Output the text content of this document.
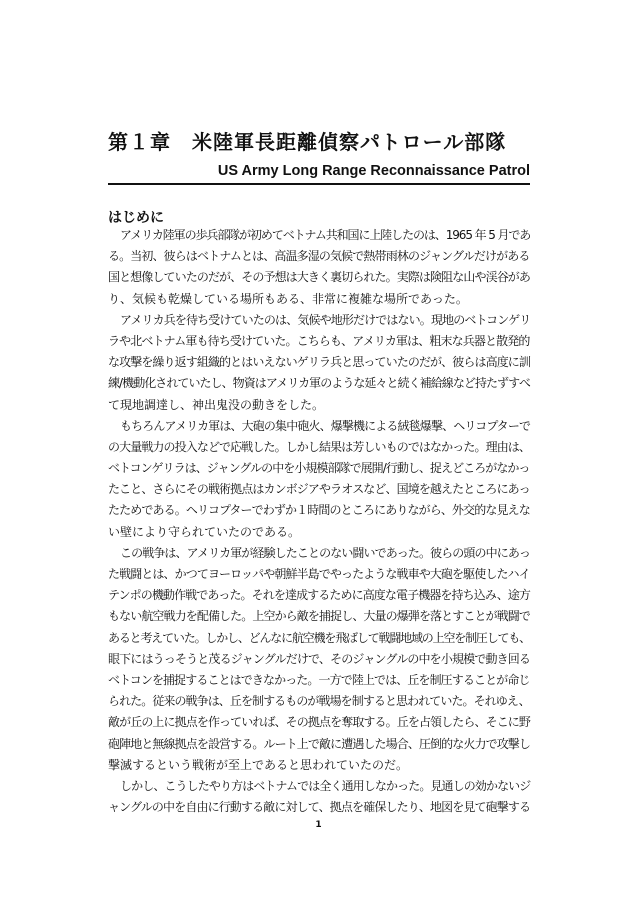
第１章　米陸軍長距離偵察パトロール部隊
US Army Long Range Reconnaissance Patrol
はじめに
アメリカ陸軍の歩兵部隊が初めてベトナム共和国に上陸したのは、1965 年 5 月であ
る。当初、彼らはベトナムとは、高温多湿の気候で熱帯雨林のジャングルだけがある
国と想像していたのだが、その予想は大きく裏切られた。実際は険阻な山や渓谷があ
り、気候も乾燥している場所もある、非常に複雑な場所であった。
アメリカ兵を待ち受けていたのは、気候や地形だけではない。現地のベトコンゲリ
ラや北ベトナム軍も待ち受けていた。こちらも、アメリカ軍は、粗末な兵器と散発的
な攻撃を繰り返す組織的とはいえないゲリラ兵と思っていたのだが、彼らは高度に訓
練/機動化されていたし、物資はアメリカ軍のような延々と続く補給線など持たずすべ
て現地調達し、神出鬼没の動きをした。
もちろんアメリカ軍は、大砲の集中砲火、爆撃機による絨毯爆撃、ヘリコプターで
の大量戦力の投入などで応戦した。しかし結果は芳しいものではなかった。理由は、
ベトコンゲリラは、ジャングルの中を小規模部隊で展開/行動し、捉えどころがなかっ
たこと、さらにその戦術拠点はカンボジアやラオスなど、国境を越えたところにあっ
たためである。ヘリコプターでわずか１時間のところにありながら、外交的な見えな
い壁により守られていたのである。
この戦争は、アメリカ軍が経験したことのない闘いであった。彼らの頭の中にあっ
た戦闘とは、かつてヨーロッパや朝鮮半島でやったような戦車や大砲を駆使したハイ
テンポの機動作戦であった。それを達成するために高度な電子機器を持ち込み、途方
もない航空戦力を配備した。上空から敵を捕捉し、大量の爆弾を落とすことが戦闘で
あると考えていた。しかし、どんなに航空機を飛ばして戦闘地域の上空を制圧しても、
眼下にはうっそうと茂るジャングルだけで、そのジャングルの中を小規模で動き回る
ベトコンを捕捉することはできなかった。一方で陸上では、丘を制圧することが命じ
られた。従来の戦争は、丘を制するものが戦場を制すると思われていた。それゆえ、
敵が丘の上に拠点を作っていれば、その拠点を奪取する。丘を占領したら、そこに野
砲陣地と無線拠点を設営する。ルート上で敵に遭遇した場合、圧倒的な火力で攻撃し
撃滅するという戦術が至上であると思われていたのだ。
しかし、こうしたやり方はベトナムでは全く通用しなかった。見通しの効かないジ
ャングルの中を自由に行動する敵に対して、拠点を確保したり、地図を見て砲撃する

1
